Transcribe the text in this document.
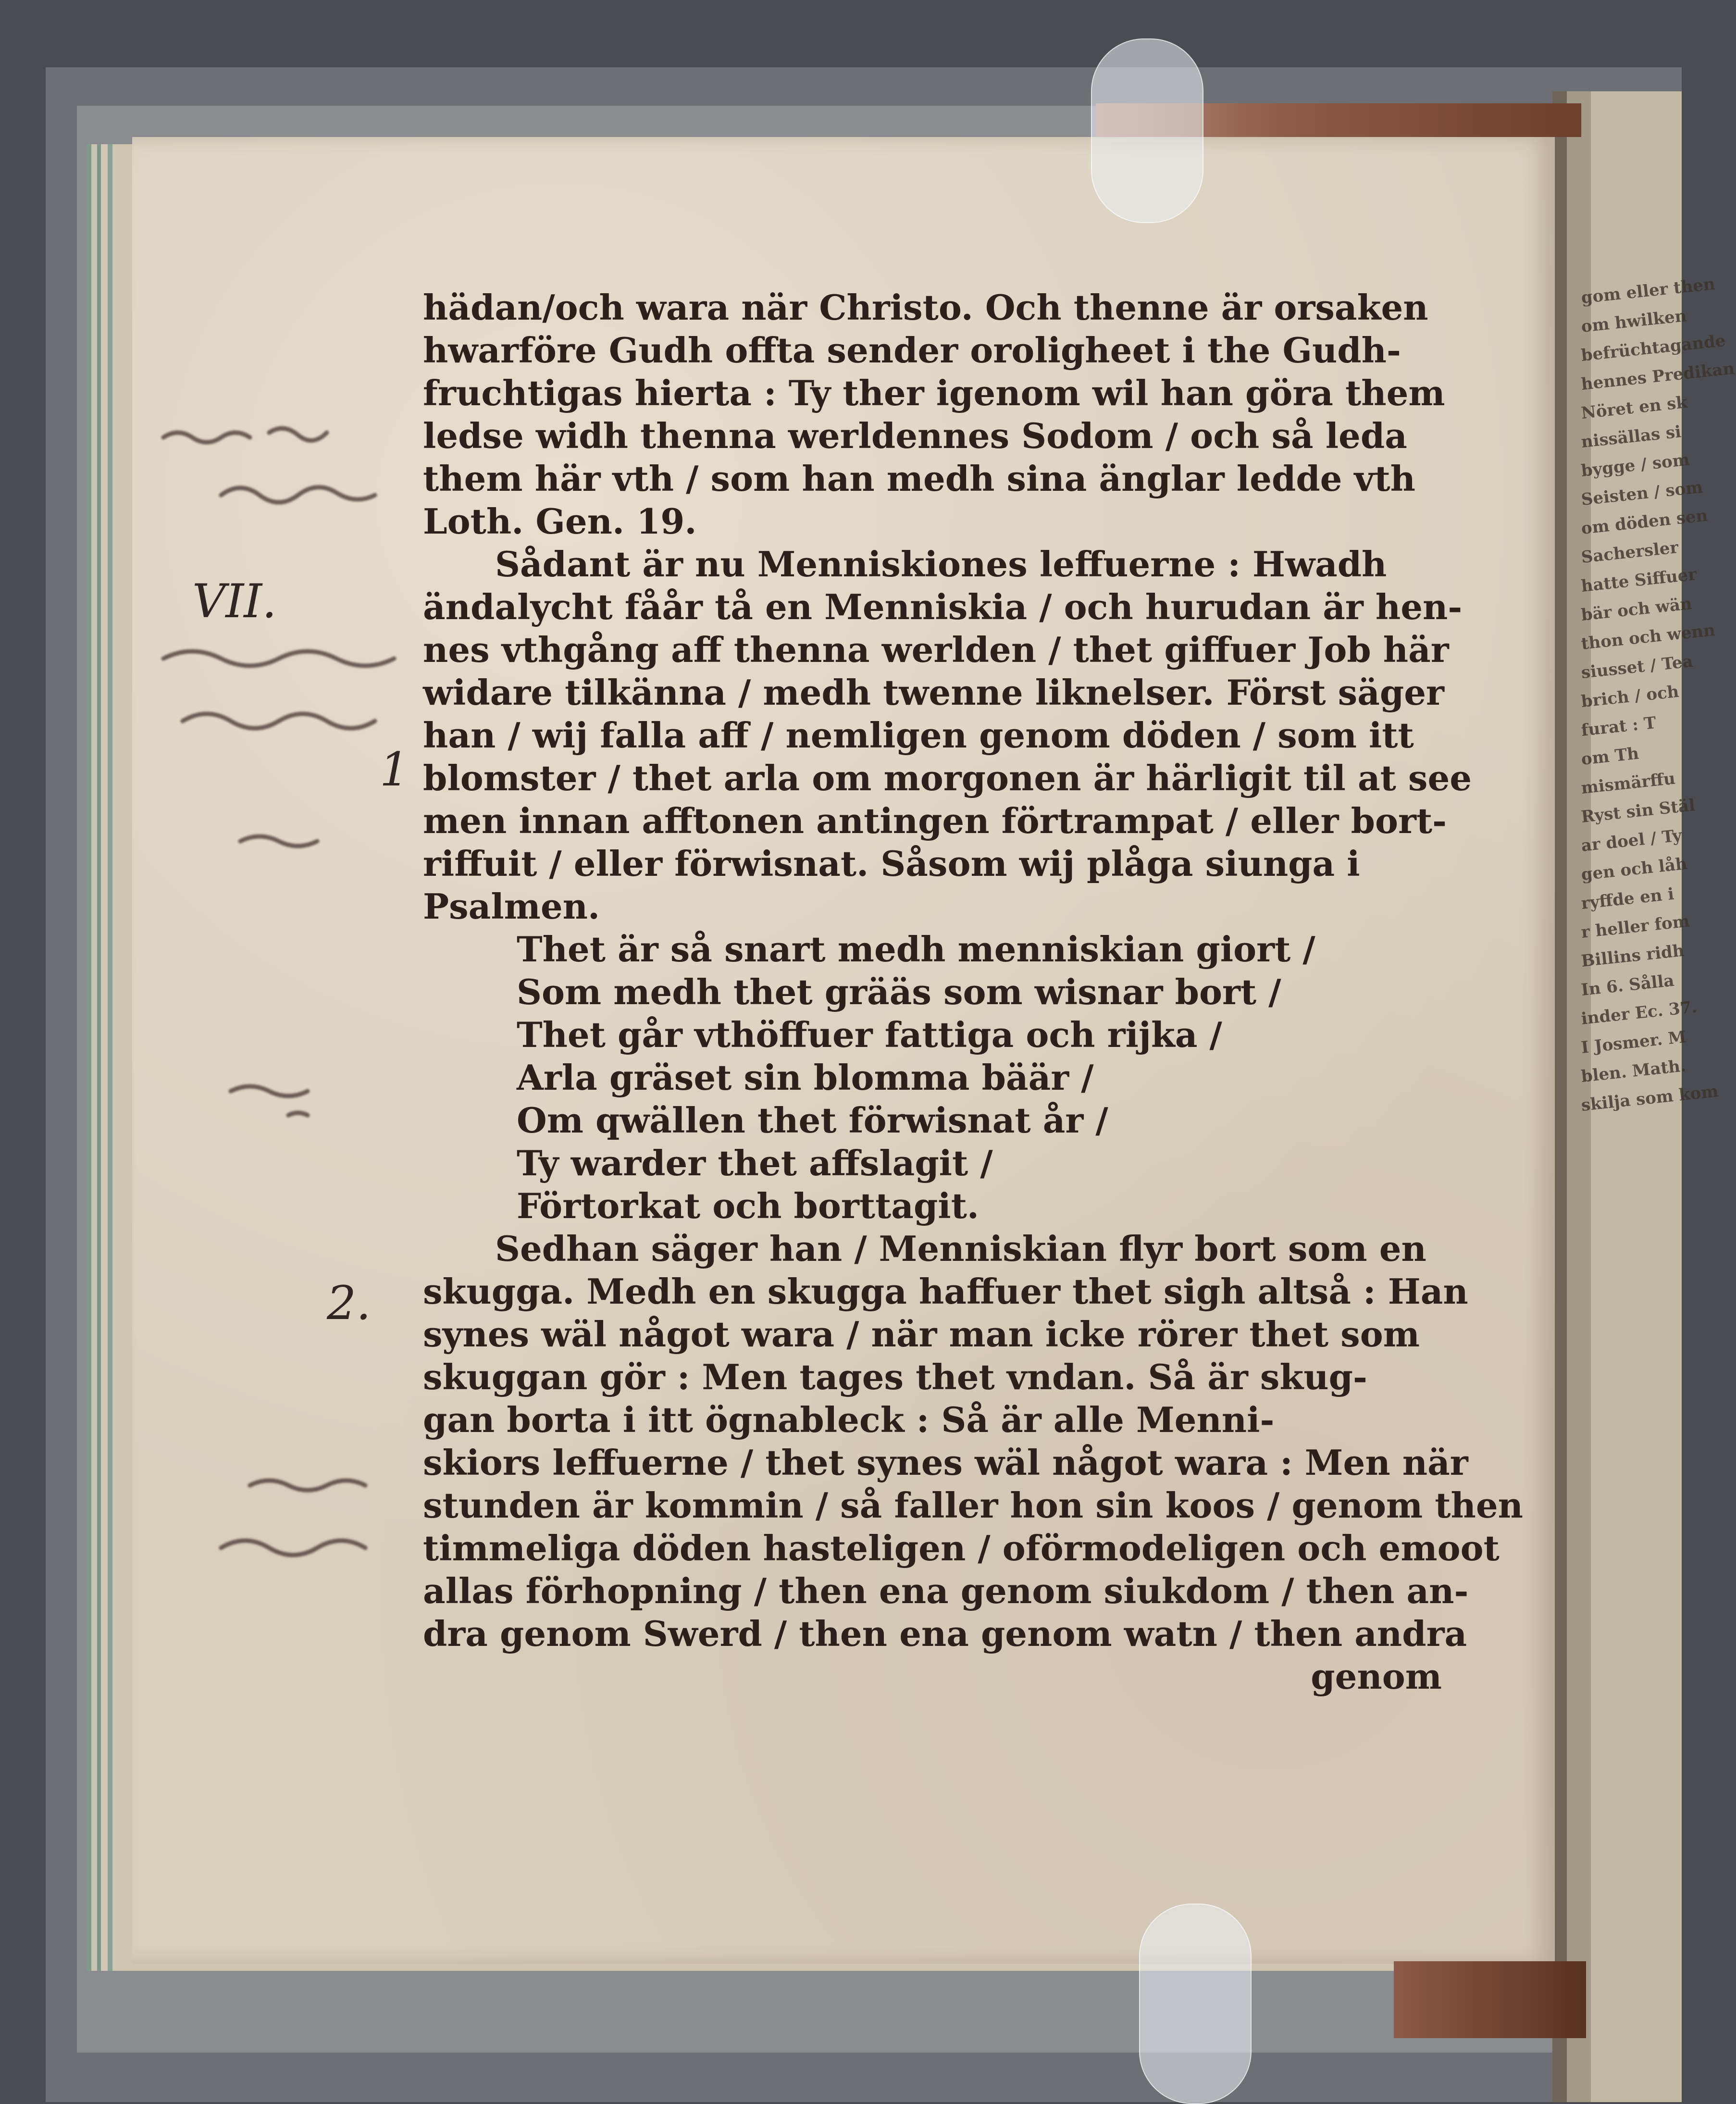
gom eller then
om hwilken
befrüchtagande
hennes Predikan
Nöret en sk
nissällas si
bygge / som
Seisten / som
om döden sen
Sachersler
hatte Siffuer
bär och wän
thon och wenn
siusset / Tea
brich / och
furat : T
om Th
mismärffu
Ryst sin Stäl
ar doel / Ty
gen och låh
ryffde en i
r heller fom
Billins ridh
In 6. Sålla
inder Ec. 37.
I Josmer. M
blen. Math.
skilja som kom
hädan/och wara när Christo. Och thenne är orsaken
hwarföre Gudh offta sender oroligheet i the Gudh-
fruchtigas hierta : Ty ther igenom wil han göra them
ledse widh thenna werldennes Sodom / och så leda
them här vth / som han medh sina änglar ledde vth
Loth. Gen. 19.
Sådant är nu Menniskiones leffuerne : Hwadh
ändalycht fåår tå en Menniskia / och hurudan är hen-
nes vthgång aff thenna werlden / thet giffuer Job här
widare tilkänna / medh twenne liknelser. Först säger
han / wij falla aff / nemligen genom döden / som itt
blomster / thet arla om morgonen är härligit til at see
men innan afftonen antingen förtrampat / eller bort-
riffuit / eller förwisnat. Såsom wij plåga siunga i
Psalmen.
Thet är så snart medh menniskian giort /
Som medh thet grääs som wisnar bort /
Thet går vthöffuer fattiga och rijka /
Arla gräset sin blomma bäär /
Om qwällen thet förwisnat år /
Ty warder thet affslagit /
Förtorkat och borttagit.
Sedhan säger han / Menniskian flyr bort som en
skugga. Medh en skugga haffuer thet sigh altså : Han
synes wäl något wara / när man icke rörer thet som
skuggan gör : Men tages thet vndan. Så är skug-
gan borta i itt ögnableck : Så är alle Menni-
skiors leffuerne / thet synes wäl något wara : Men när
stunden är kommin / så faller hon sin koos / genom then
timmeliga döden hasteligen / oförmodeligen och emoot
allas förhopning / then ena genom siukdom / then an-
dra genom Swerd / then ena genom watn / then andra
genom
VII.
1
2.
